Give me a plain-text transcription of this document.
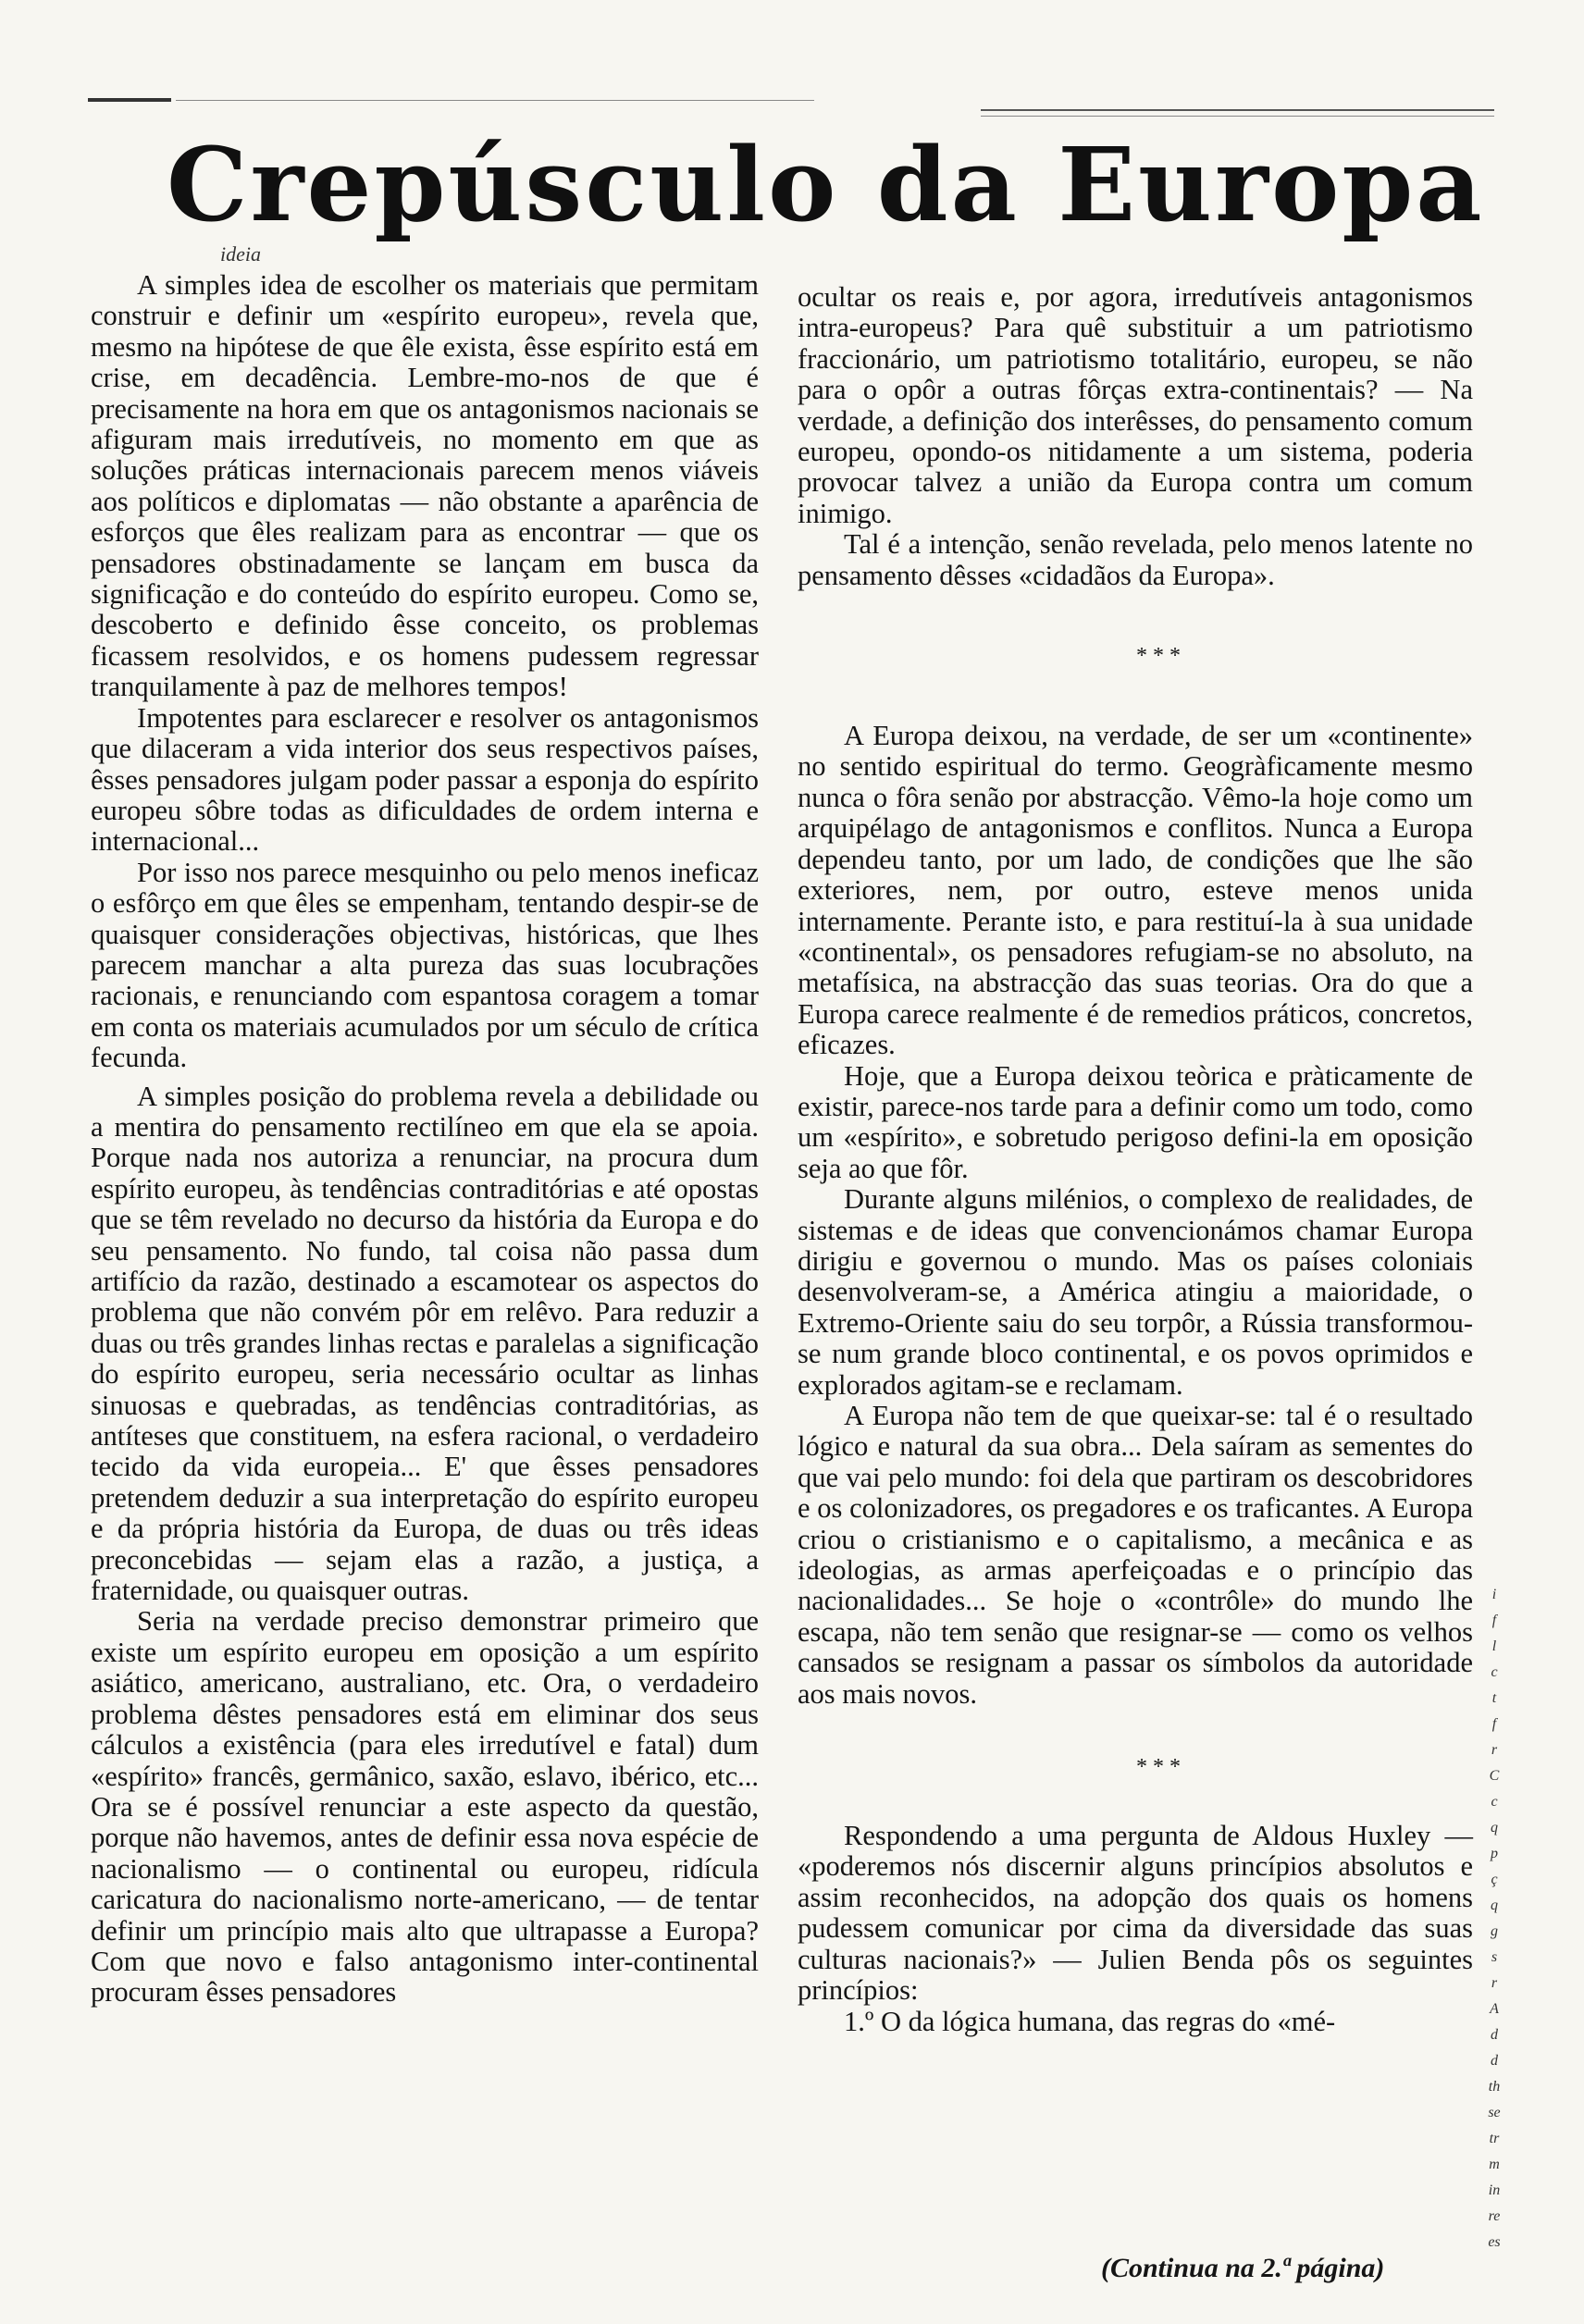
Crepúsculo da Europa
ideia

A simples idea de escolher os materiais que permitam construir e definir um «espírito europeu», revela que, mesmo na hipótese de que êle exista, êsse espírito está em crise, em decadência. Lembre-mo-nos de que é precisamente na hora em que os antagonismos nacionais se afiguram mais irredutíveis, no momento em que as soluções práticas internacionais parecem menos viáveis aos políticos e diplomatas — não obstante a aparência de esforços que êles realizam para as encontrar — que os pensadores obstinadamente se lançam em busca da significação e do conteúdo do espírito europeu. Como se, descoberto e definido êsse conceito, os problemas ficassem resolvidos, e os homens pudessem regressar tranquilamente à paz de melhores tempos!

Impotentes para esclarecer e resolver os antagonismos que dilaceram a vida interior dos seus respectivos países, êsses pensadores julgam poder passar a esponja do espírito europeu sôbre todas as dificuldades de ordem interna e internacional...

Por isso nos parece mesquinho ou pelo menos ineficaz o esfôrço em que êles se empenham, tentando despir-se de quaisquer considerações objectivas, históricas, que lhes parecem manchar a alta pureza das suas locubrações racionais, e renunciando com espantosa coragem a tomar em conta os materiais acumulados por um século de crítica fecunda.

A simples posição do problema revela a debilidade ou a mentira do pensamento rectilíneo em que ela se apoia. Porque nada nos autoriza a renunciar, na procura dum espírito europeu, às tendências contraditórias e até opostas que se têm revelado no decurso da história da Europa e do seu pensamento. No fundo, tal coisa não passa dum artifício da razão, destinado a escamotear os aspectos do problema que não convém pôr em relêvo. Para reduzir a duas ou três grandes linhas rectas e paralelas a significação do espírito europeu, seria necessário ocultar as linhas sinuosas e quebradas, as tendências contraditórias, as antíteses que constituem, na esfera racional, o verdadeiro tecido da vida europeia... E' que êsses pensadores pretendem deduzir a sua interpretação do espírito europeu e da própria história da Europa, de duas ou três ideas preconcebidas — sejam elas a razão, a justiça, a fraternidade, ou quaisquer outras.

Seria na verdade preciso demonstrar primeiro que existe um espírito europeu em oposição a um espírito asiático, americano, australiano, etc. Ora, o verdadeiro problema dêstes pensadores está em eliminar dos seus cálculos a existência (para eles irredutível e fatal) dum «espírito» francês, germânico, saxão, eslavo, ibérico, etc... Ora se é possível renunciar a este aspecto da questão, porque não havemos, antes de definir essa nova espécie de nacionalismo — o continental ou europeu, ridícula caricatura do nacionalismo norte-americano, — de tentar definir um princípio mais alto que ultrapasse a Europa? Com que novo e falso antagonismo inter-continental procuram êsses pensadores

ocultar os reais e, por agora, irredutíveis antagonismos intra-europeus? Para quê substituir a um patriotismo fraccionário, um patriotismo totalitário, europeu, se não para o opôr a outras fôrças extra-continentais? — Na verdade, a definição dos interêsses, do pensamento comum europeu, opondo-os nitidamente a um sistema, poderia provocar talvez a união da Europa contra um comum inimigo.

Tal é a intenção, senão revelada, pelo menos latente no pensamento dêsses «cidadãos da Europa».

* * *

A Europa deixou, na verdade, de ser um «continente» no sentido espiritual do termo. Geogràficamente mesmo nunca o fôra senão por abstracção. Vêmo-la hoje como um arquipélago de antagonismos e conflitos. Nunca a Europa dependeu tanto, por um lado, de condições que lhe são exteriores, nem, por outro, esteve menos unida internamente. Perante isto, e para restituí-la à sua unidade «continental», os pensadores refugiam-se no absoluto, na metafísica, na abstracção das suas teorias. Ora do que a Europa carece realmente é de remedios práticos, concretos, eficazes.

Hoje, que a Europa deixou teòrica e pràticamente de existir, parece-nos tarde para a definir como um todo, como um «espírito», e sobretudo perigoso defini-la em oposição seja ao que fôr.

Durante alguns milénios, o complexo de realidades, de sistemas e de ideas que convencionámos chamar Europa dirigiu e governou o mundo. Mas os países coloniais desenvolveram-se, a América atingiu a maioridade, o Extremo-Oriente saiu do seu torpôr, a Rússia transformou-se num grande bloco continental, e os povos oprimidos e explorados agitam-se e reclamam.

A Europa não tem de que queixar-se: tal é o resultado lógico e natural da sua obra... Dela saíram as sementes do que vai pelo mundo: foi dela que partiram os descobridores e os colonizadores, os pregadores e os traficantes. A Europa criou o cristianismo e o capitalismo, a mecânica e as ideologias, as armas aperfeiçoadas e o princípio das nacionalidades... Se hoje o «contrôle» do mundo lhe escapa, não tem senão que resignar-se — como os velhos cansados se resignam a passar os símbolos da autoridade aos mais novos.

* * *

Respondendo a uma pergunta de Aldous Huxley — «poderemos nós discernir alguns princípios absolutos e assim reconhecidos, na adopção dos quais os homens pudessem comunicar por cima da diversidade das suas culturas nacionais?» — Julien Benda pôs os seguintes princípios:

1.º O da lógica humana, das regras do «mé-

(Continua na 2.ª página)
i
f
l
c
t
f
r
C
c
q
p
ç
q
g
s
r
A
d
d
th
se
tr
m
in
re
es
